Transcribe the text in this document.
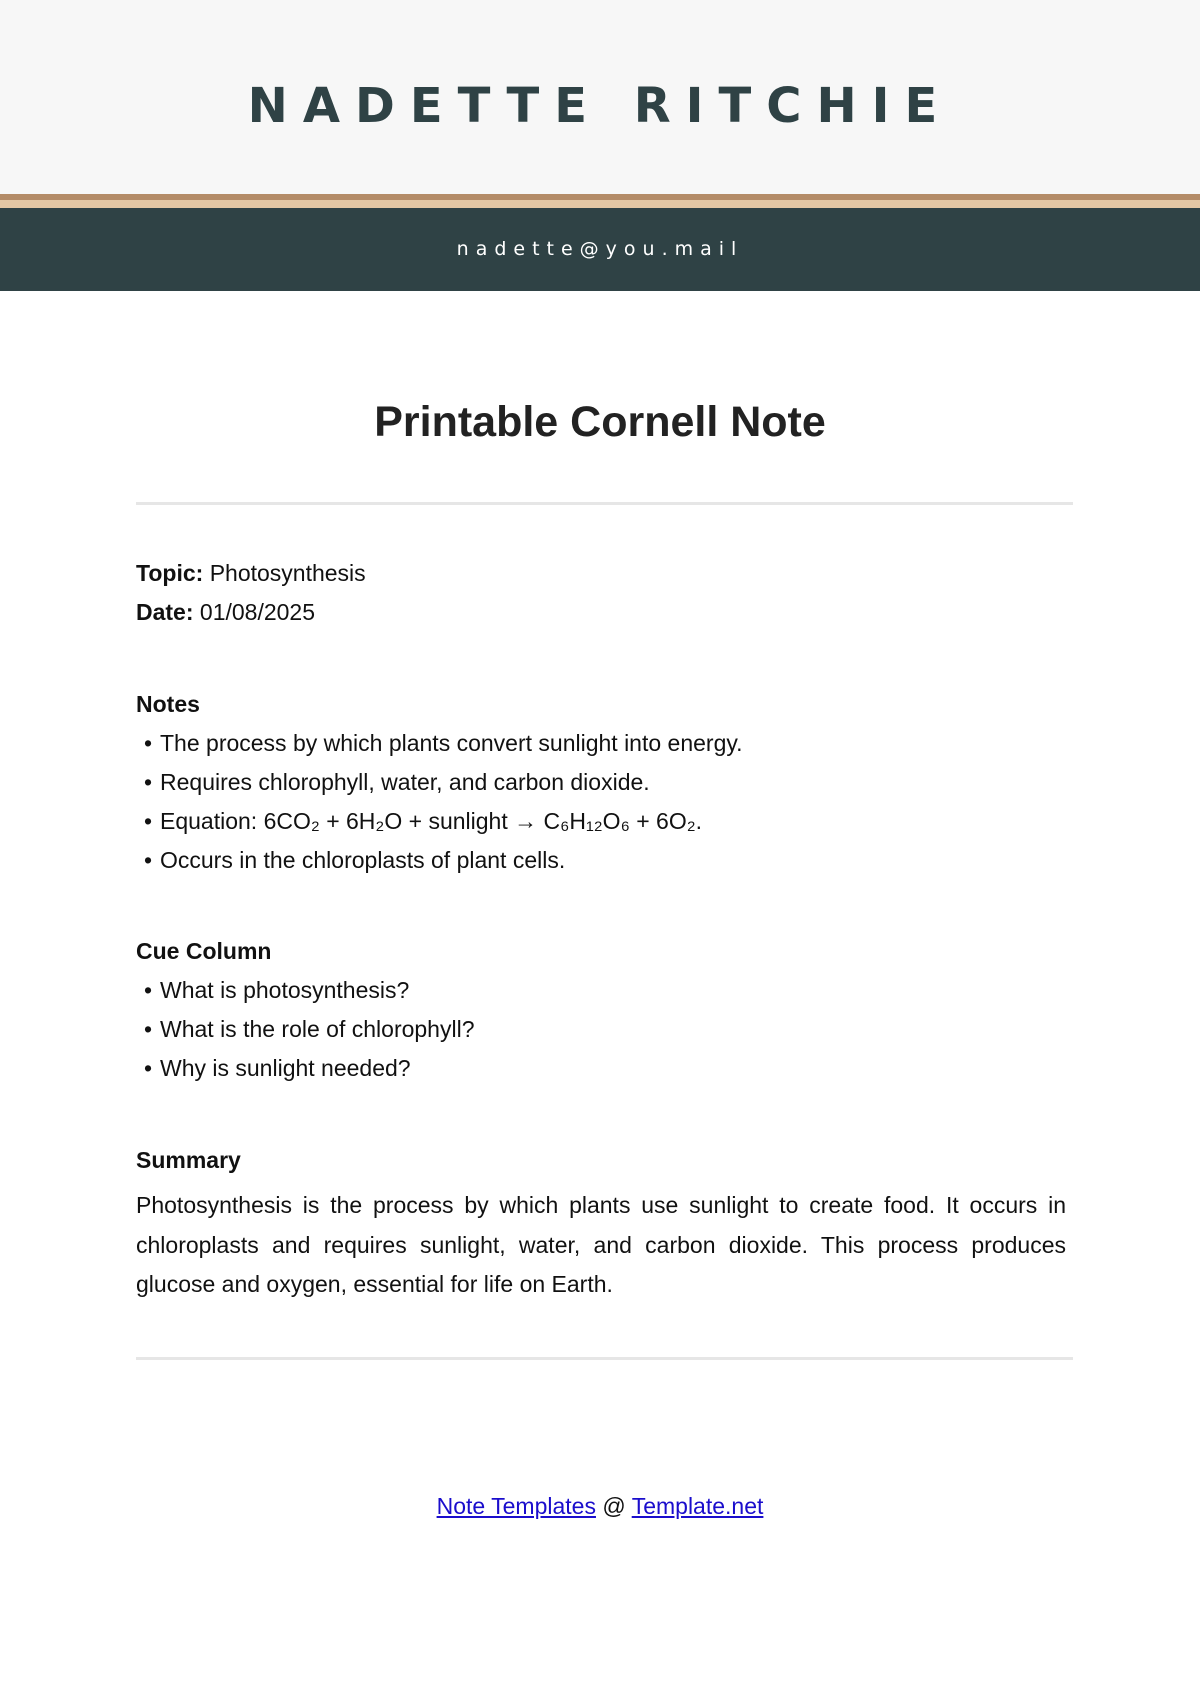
NADETTE RITCHIE
nadette@you.mail
Printable Cornell Note
Topic: Photosynthesis
Date: 01/08/2025
Notes
• The process by which plants convert sunlight into energy.
• Requires chlorophyll, water, and carbon dioxide.
• Equation: 6CO₂ + 6H₂O + sunlight → C₆H₁₂O₆ + 6O₂.
• Occurs in the chloroplasts of plant cells.
Cue Column
• What is photosynthesis?
• What is the role of chlorophyll?
• Why is sunlight needed?
Summary
Photosynthesis is the process by which plants use sunlight to create food. It occurs in chloroplasts and requires sunlight, water, and carbon dioxide. This process produces glucose and oxygen, essential for life on Earth.
Note Templates @ Template.net
